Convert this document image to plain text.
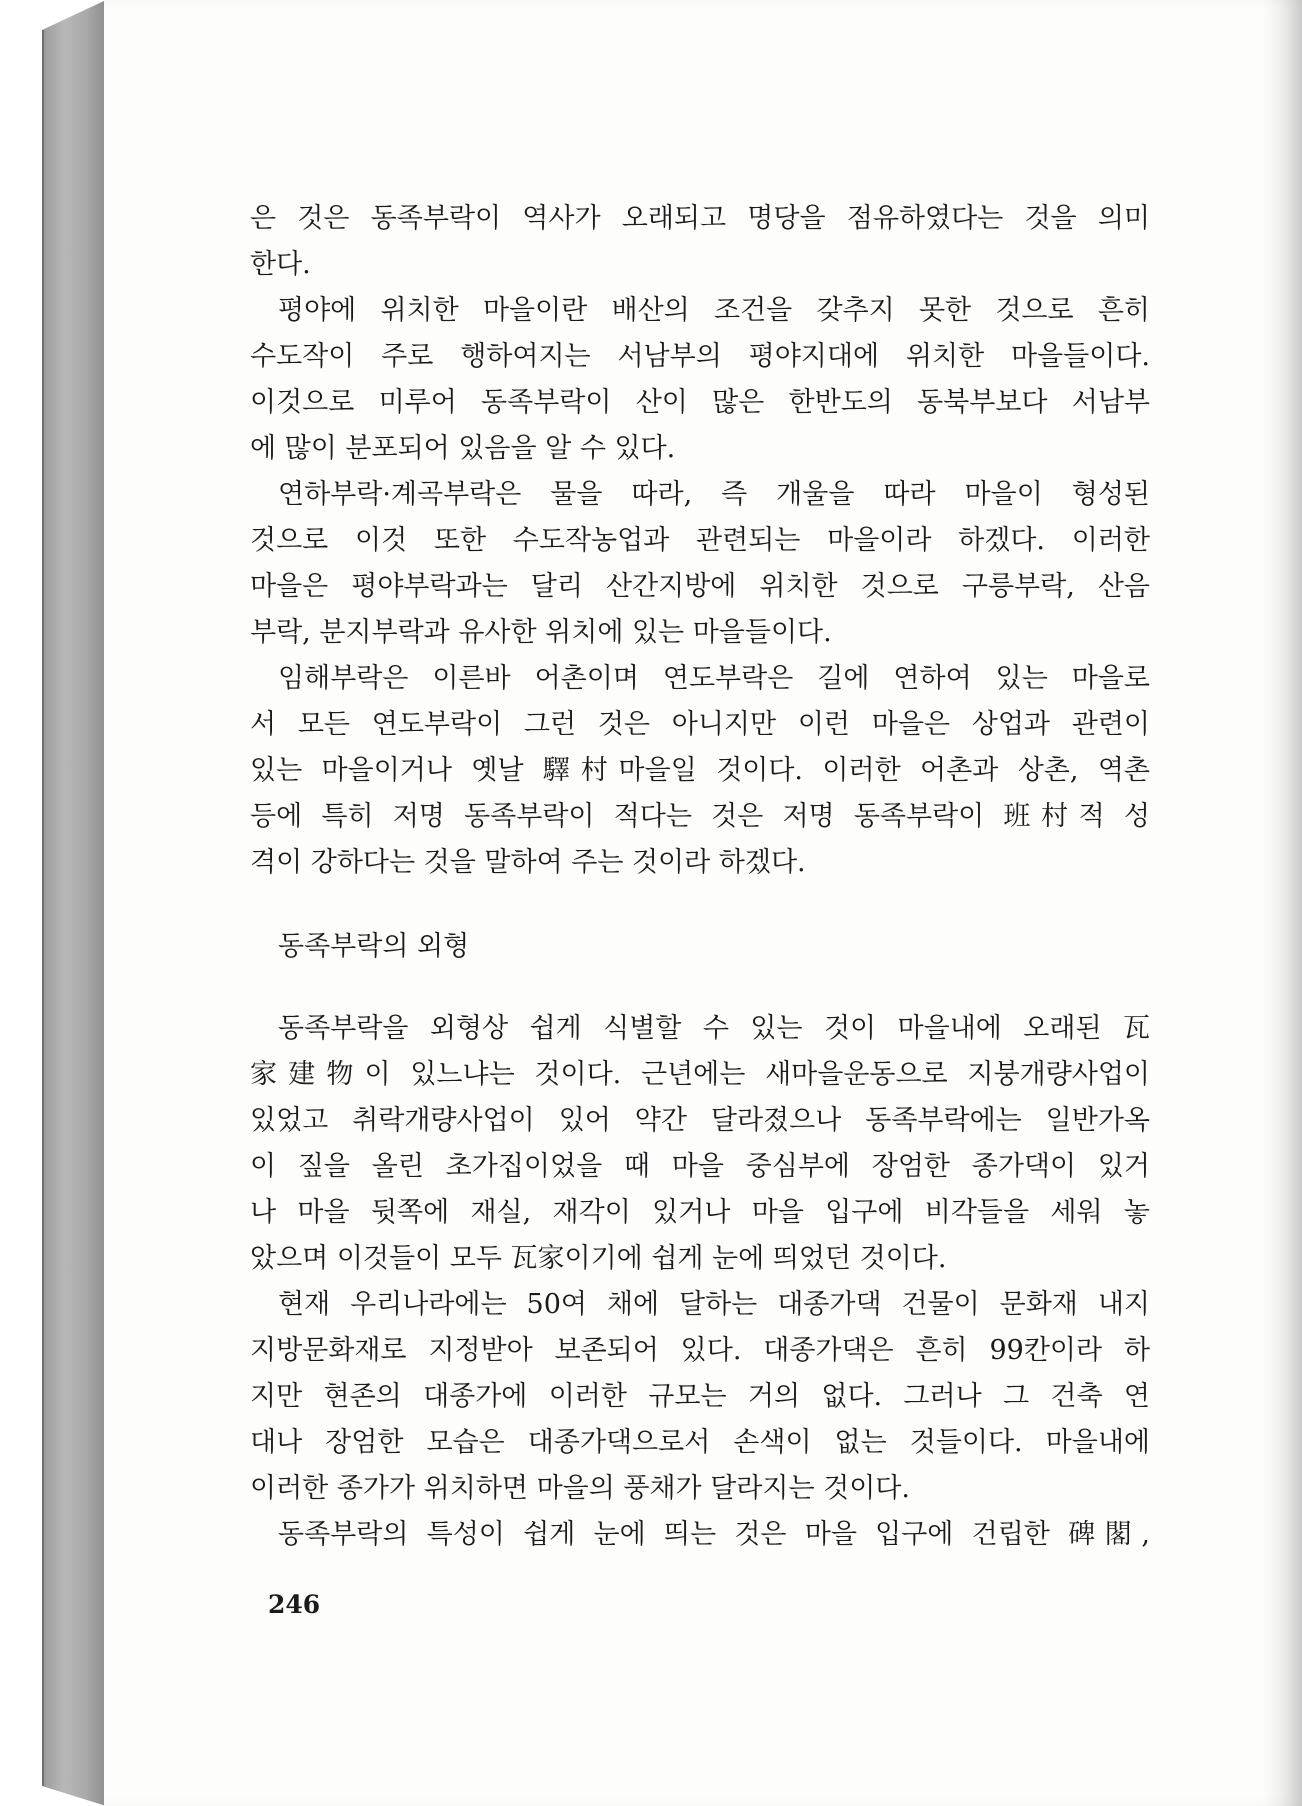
은 것은 동족부락이 역사가 오래되고 명당을 점유하였다는 것을 의미
한다.
평야에 위치한 마을이란 배산의 조건을 갖추지 못한 것으로 흔히
수도작이 주로 행하여지는 서남부의 평야지대에 위치한 마을들이다.
이것으로 미루어 동족부락이 산이 많은 한반도의 동북부보다 서남부
에 많이 분포되어 있음을 알 수 있다.
연하부락·계곡부락은 물을 따라, 즉 개울을 따라 마을이 형성된
것으로 이것 또한 수도작농업과 관련되는 마을이라 하겠다. 이러한
마을은 평야부락과는 달리 산간지방에 위치한 것으로 구릉부락, 산음
부락, 분지부락과 유사한 위치에 있는 마을들이다.
임해부락은 이른바 어촌이며 연도부락은 길에 연하여 있는 마을로
서 모든 연도부락이 그런 것은 아니지만 이런 마을은 상업과 관련이
있는 마을이거나 옛날 驛村마을일 것이다. 이러한 어촌과 상촌, 역촌
등에 특히 저명 동족부락이 적다는 것은 저명 동족부락이 班村적 성
격이 강하다는 것을 말하여 주는 것이라 하겠다.
동족부락의 외형
동족부락을 외형상 쉽게 식별할 수 있는 것이 마을내에 오래된 瓦
家建物이 있느냐는 것이다. 근년에는 새마을운동으로 지붕개량사업이
있었고 취락개량사업이 있어 약간 달라졌으나 동족부락에는 일반가옥
이 짚을 올린 초가집이었을 때 마을 중심부에 장엄한 종가댁이 있거
나 마을 뒷쪽에 재실, 재각이 있거나 마을 입구에 비각들을 세워 놓
았으며 이것들이 모두 瓦家이기에 쉽게 눈에 띄었던 것이다.
현재 우리나라에는 50여 채에 달하는 대종가댁 건물이 문화재 내지
지방문화재로 지정받아 보존되어 있다. 대종가댁은 흔히 99칸이라 하
지만 현존의 대종가에 이러한 규모는 거의 없다. 그러나 그 건축 연
대나 장엄한 모습은 대종가댁으로서 손색이 없는 것들이다. 마을내에
이러한 종가가 위치하면 마을의 풍채가 달라지는 것이다.
동족부락의 특성이 쉽게 눈에 띄는 것은 마을 입구에 건립한 碑閣,
246
